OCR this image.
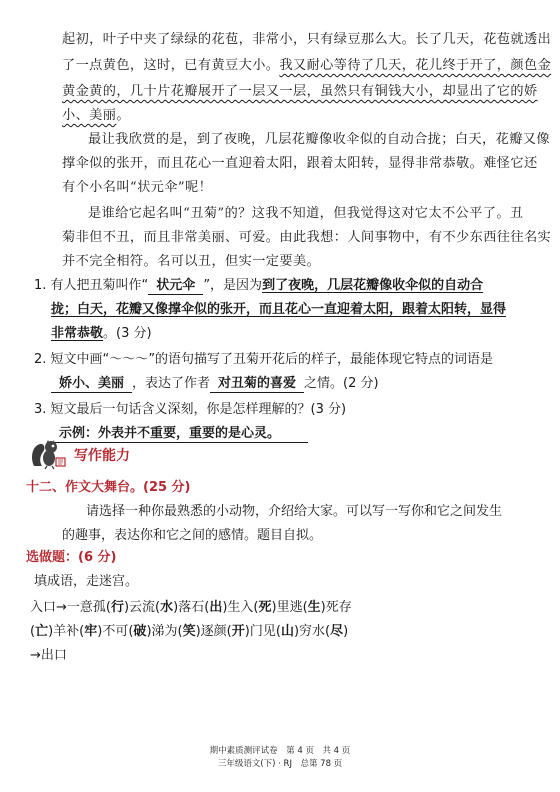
起初，叶子中夹了绿绿的花苞，非常小，只有绿豆那么大。长了几天，花苞就透出
了一点黄色，这时，已有黄豆大小。我又耐心等待了几天，花儿终于开了，颜色金
黄金黄的，几十片花瓣展开了一层又一层，虽然只有铜钱大小，却显出了它的娇
小、美丽。
最让我欣赏的是，到了夜晚，几层花瓣像收伞似的自动合拢；白天，花瓣又像
撑伞似的张开，而且花心一直迎着太阳，跟着太阳转，显得非常恭敬。难怪它还
有个小名叫“状元伞”呢！
是谁给它起名叫“丑菊”的？这我不知道，但我觉得这对它太不公平了。丑
菊非但不丑，而且非常美丽、可爱。由此我想：人间事物中，有不少东西往往名实
并不完全相符。名可以丑，但实一定要美。
1. 有人把丑菊叫作“ 状元伞 ”，是因为到了夜晚，几层花瓣像收伞似的自动合
拢；白天，花瓣又像撑伞似的张开，而且花心一直迎着太阳，跟着太阳转，显得
非常恭敬。(3 分)
2. 短文中画“～～～”的语句描写了丑菊开花后的样子，最能体现它特点的词语是
娇小、美丽 ，表达了作者 对丑菊的喜爱 之情。(2 分)
3. 短文最后一句话含义深刻，你是怎样理解的？(3 分)
示例：外表并不重要，重要的是心灵。
写作能力
十二、作文大舞台。(25 分)
请选择一种你最熟悉的小动物，介绍给大家。可以写一写你和它之间发生
的趣事，表达你和它之间的感情。题目自拟。
选做题：(6 分)
填成语，走迷宫。
入口→一意孤(行)云流(水)落石(出)生入(死)里逃(生)死存
(亡)羊补(牢)不可(破)涕为(笑)逐颜(开)门见(山)穷水(尽)
→出口
期中素质测评试卷　第 4 页　共 4 页
三年级语文(下) · RJ　总第 78 页
